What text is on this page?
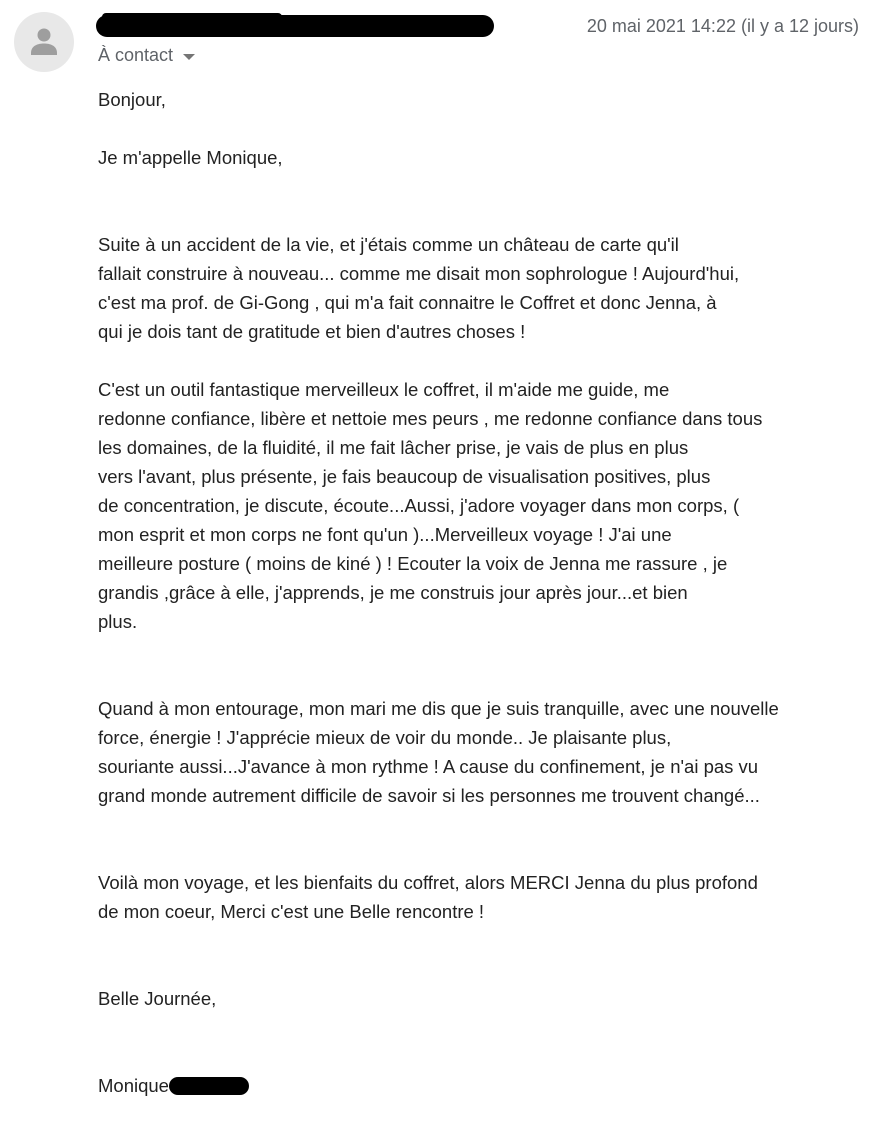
20 mai 2021 14:22 (il y a 12 jours)
À contact
Bonjour,
Je m'appelle Monique,
Suite à un accident de la vie, et j'étais comme un château de carte qu'il
fallait construire à nouveau... comme me disait mon sophrologue ! Aujourd'hui,
c'est ma prof. de Gi-Gong , qui m'a fait connaitre le Coffret et donc Jenna, à
qui je dois tant de gratitude et bien d'autres choses !
C'est un outil fantastique merveilleux le coffret, il m'aide me guide, me
redonne confiance, libère et nettoie mes peurs , me redonne confiance dans tous
les domaines, de la fluidité, il me fait lâcher prise, je vais de plus en plus
vers l'avant, plus présente, je fais beaucoup de visualisation positives, plus
de concentration, je discute, écoute...Aussi, j'adore voyager dans mon corps, (
mon esprit et mon corps ne font qu'un )...Merveilleux voyage ! J'ai une
meilleure posture ( moins de kiné ) ! Ecouter la voix de Jenna me rassure , je
grandis ,grâce à elle, j'apprends, je me construis jour après jour...et bien
plus.
Quand à mon entourage, mon mari me dis que je suis tranquille, avec une nouvelle
force, énergie ! J'apprécie mieux de voir du monde.. Je plaisante plus,
souriante aussi...J'avance à mon rythme ! A cause du confinement, je n'ai pas vu
grand monde autrement difficile de savoir si les personnes me trouvent changé...
Voilà mon voyage, et les bienfaits du coffret, alors MERCI Jenna du plus profond
de mon coeur, Merci c'est une Belle rencontre !
Belle Journée,
Monique
